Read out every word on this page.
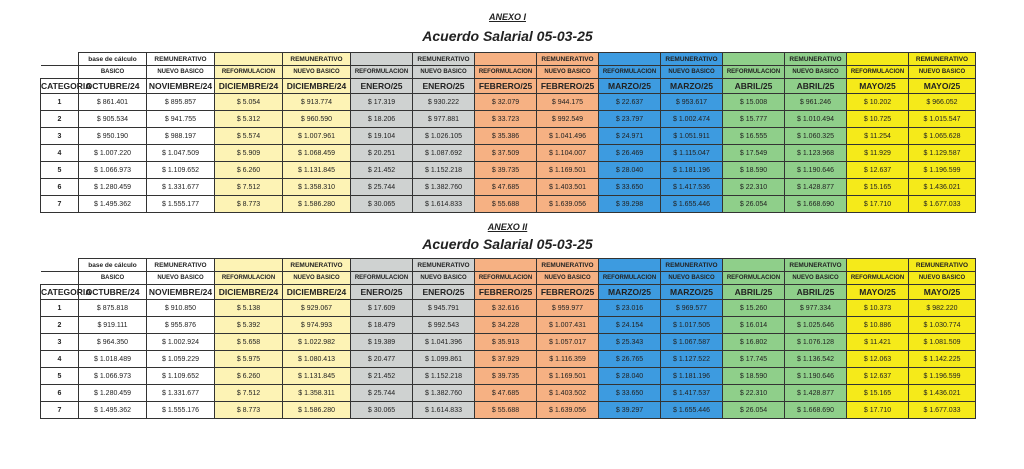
ANEXO I
Acuerdo Salarial 05-03-25
	base de cálculo	REMUNERATIVO		REMUNERATIVO		REMUNERATIVO		REMUNERATIVO		REMUNERATIVO		REMUNERATIVO		REMUNERATIVO
	BASICO	NUEVO BASICO	REFORMULACION	NUEVO BASICO	REFORMULACION	NUEVO BASICO	REFORMULACION	NUEVO BASICO	REFORMULACION	NUEVO BASICO	REFORMULACION	NUEVO BASICO	REFORMULACION	NUEVO BASICO
CATEGORIA	OCTUBRE/24	NOVIEMBRE/24	DICIEMBRE/24	DICIEMBRE/24	ENERO/25	ENERO/25	FEBRERO/25	FEBRERO/25	MARZO/25	MARZO/25	ABRIL/25	ABRIL/25	MAYO/25	MAYO/25
1	$ 861.401	$ 895.857	$ 5.054	$ 913.774	$ 17.319	$ 930.222	$ 32.079	$ 944.175	$ 22.637	$ 953.617	$ 15.008	$ 961.246	$ 10.202	$ 966.052
2	$ 905.534	$ 941.755	$ 5.312	$ 960.590	$ 18.206	$ 977.881	$ 33.723	$ 992.549	$ 23.797	$ 1.002.474	$ 15.777	$ 1.010.494	$ 10.725	$ 1.015.547
3	$ 950.190	$ 988.197	$ 5.574	$ 1.007.961	$ 19.104	$ 1.026.105	$ 35.386	$ 1.041.496	$ 24.971	$ 1.051.911	$ 16.555	$ 1.060.325	$ 11.254	$ 1.065.628
4	$ 1.007.220	$ 1.047.509	$ 5.909	$ 1.068.459	$ 20.251	$ 1.087.692	$ 37.509	$ 1.104.007	$ 26.469	$ 1.115.047	$ 17.549	$ 1.123.968	$ 11.929	$ 1.129.587
5	$ 1.066.973	$ 1.109.652	$ 6.260	$ 1.131.845	$ 21.452	$ 1.152.218	$ 39.735	$ 1.169.501	$ 28.040	$ 1.181.196	$ 18.590	$ 1.190.646	$ 12.637	$ 1.196.599
6	$ 1.280.459	$ 1.331.677	$ 7.512	$ 1.358.310	$ 25.744	$ 1.382.760	$ 47.685	$ 1.403.501	$ 33.650	$ 1.417.536	$ 22.310	$ 1.428.877	$ 15.165	$ 1.436.021
7	$ 1.495.362	$ 1.555.177	$ 8.773	$ 1.586.280	$ 30.065	$ 1.614.833	$ 55.688	$ 1.639.056	$ 39.298	$ 1.655.446	$ 26.054	$ 1.668.690	$ 17.710	$ 1.677.033
ANEXO II
Acuerdo Salarial 05-03-25
	base de cálculo	REMUNERATIVO		REMUNERATIVO		REMUNERATIVO		REMUNERATIVO		REMUNERATIVO		REMUNERATIVO		REMUNERATIVO
	BASICO	NUEVO BASICO	REFORMULACION	NUEVO BASICO	REFORMULACION	NUEVO BASICO	REFORMULACION	NUEVO BASICO	REFORMULACION	NUEVO BASICO	REFORMULACION	NUEVO BASICO	REFORMULACION	NUEVO BASICO
CATEGORIA	OCTUBRE/24	NOVIEMBRE/24	DICIEMBRE/24	DICIEMBRE/24	ENERO/25	ENERO/25	FEBRERO/25	FEBRERO/25	MARZO/25	MARZO/25	ABRIL/25	ABRIL/25	MAYO/25	MAYO/25
1	$ 875.818	$ 910.850	$ 5.138	$ 929.067	$ 17.609	$ 945.791	$ 32.616	$ 959.977	$ 23.016	$ 969.577	$ 15.260	$ 977.334	$ 10.373	$ 982.220
2	$ 919.111	$ 955.876	$ 5.392	$ 974.993	$ 18.479	$ 992.543	$ 34.228	$ 1.007.431	$ 24.154	$ 1.017.505	$ 16.014	$ 1.025.646	$ 10.886	$ 1.030.774
3	$ 964.350	$ 1.002.924	$ 5.658	$ 1.022.982	$ 19.389	$ 1.041.396	$ 35.913	$ 1.057.017	$ 25.343	$ 1.067.587	$ 16.802	$ 1.076.128	$ 11.421	$ 1.081.509
4	$ 1.018.489	$ 1.059.229	$ 5.975	$ 1.080.413	$ 20.477	$ 1.099.861	$ 37.929	$ 1.116.359	$ 26.765	$ 1.127.522	$ 17.745	$ 1.136.542	$ 12.063	$ 1.142.225
5	$ 1.066.973	$ 1.109.652	$ 6.260	$ 1.131.845	$ 21.452	$ 1.152.218	$ 39.735	$ 1.169.501	$ 28.040	$ 1.181.196	$ 18.590	$ 1.190.646	$ 12.637	$ 1.196.599
6	$ 1.280.459	$ 1.331.677	$ 7.512	$ 1.358.311	$ 25.744	$ 1.382.760	$ 47.685	$ 1.403.502	$ 33.650	$ 1.417.537	$ 22.310	$ 1.428.877	$ 15.165	$ 1.436.021
7	$ 1.495.362	$ 1.555.176	$ 8.773	$ 1.586.280	$ 30.065	$ 1.614.833	$ 55.688	$ 1.639.056	$ 39.297	$ 1.655.446	$ 26.054	$ 1.668.690	$ 17.710	$ 1.677.033
